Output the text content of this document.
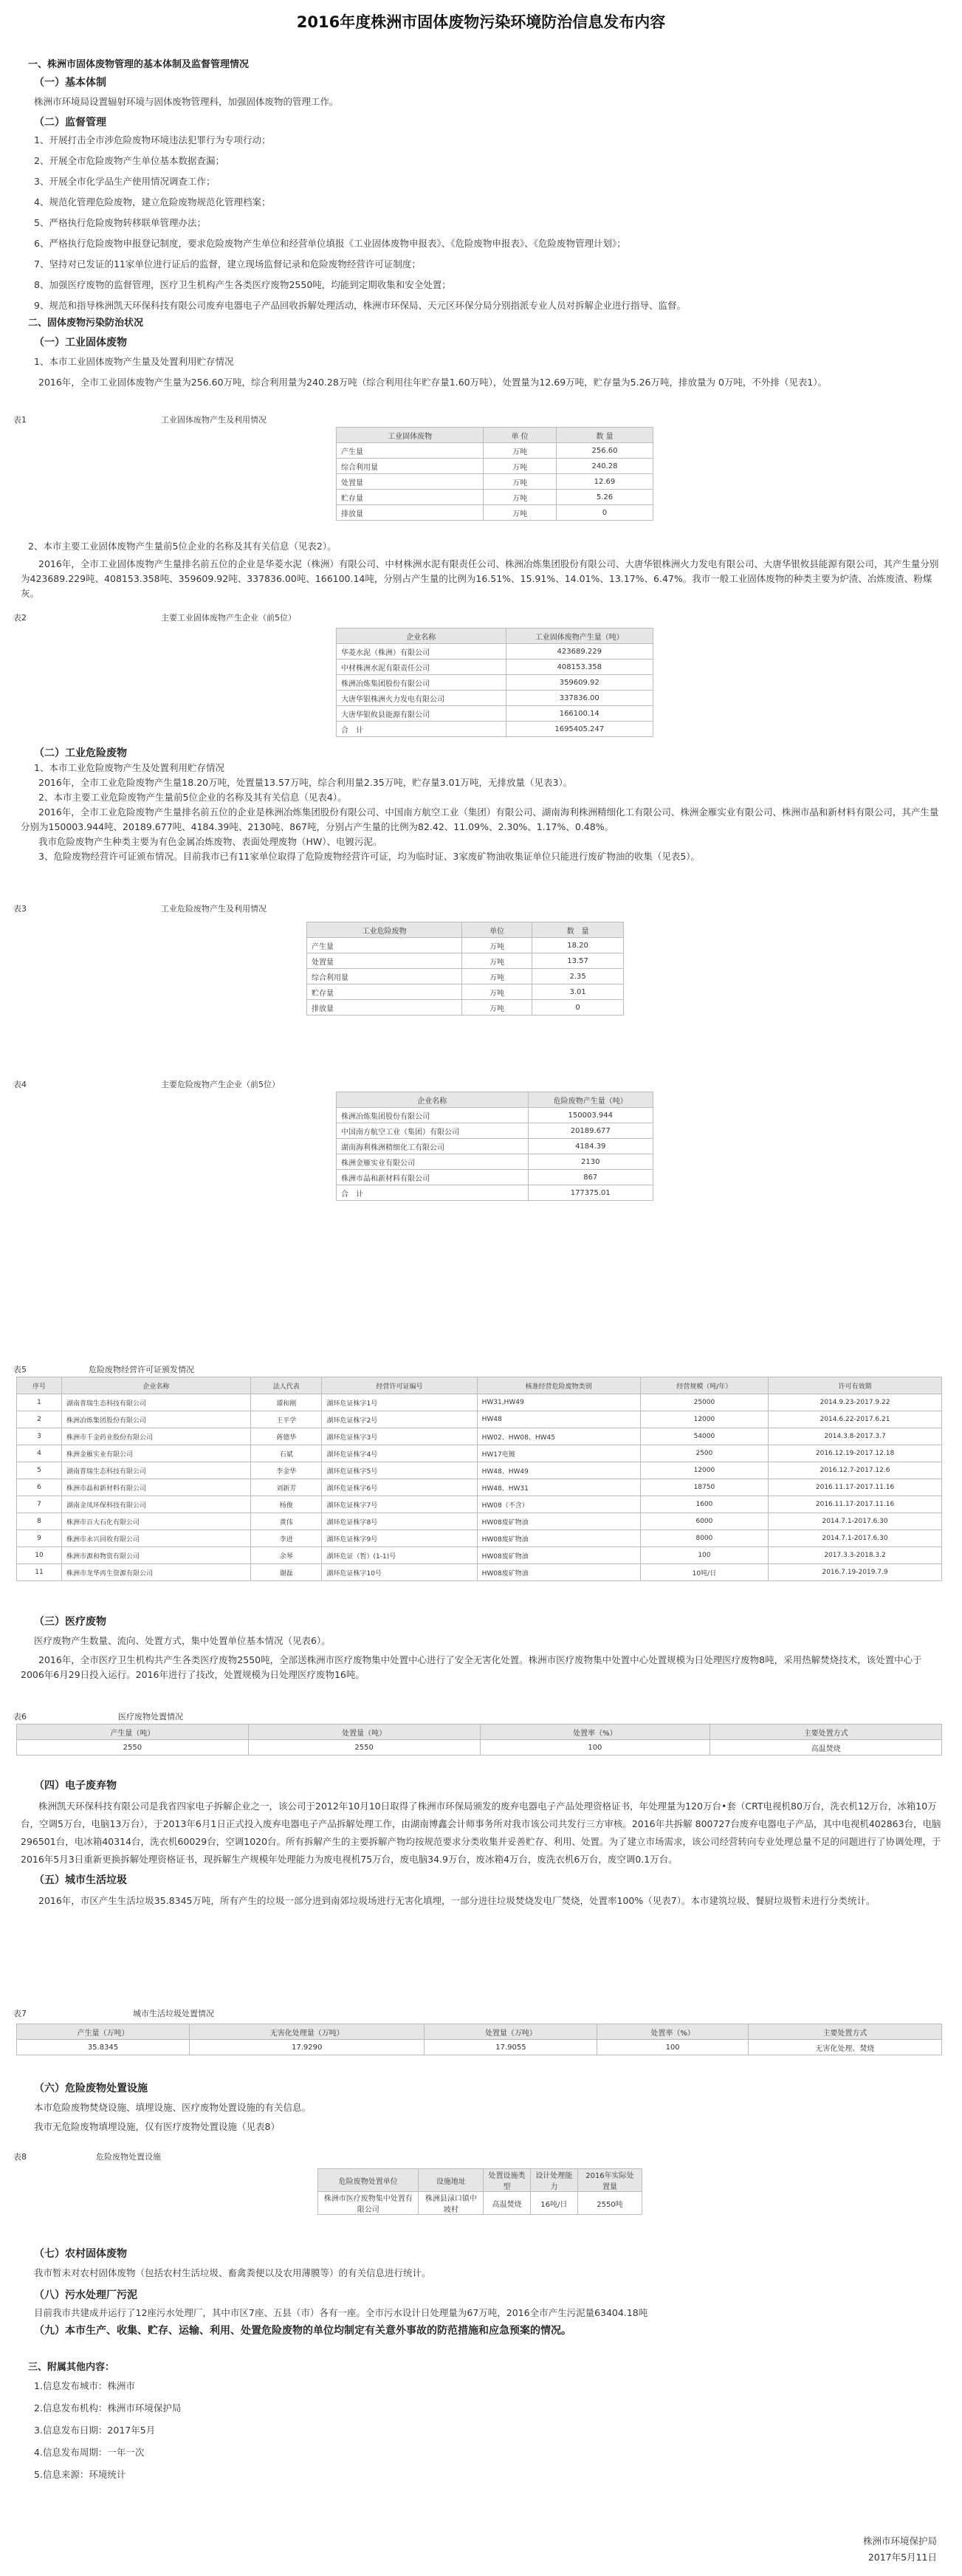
2016年度株洲市固体废物污染环境防治信息发布内容
一、株洲市固体废物管理的基本体制及监督管理情况
（一）基本体制
株洲市环境局设置辐射环境与固体废物管理科，加强固体废物的管理工作。
（二）监督管理
1、开展打击全市涉危险废物环境违法犯罪行为专项行动；
2、开展全市危险废物产生单位基本数据查漏；
3、开展全市化学品生产使用情况调查工作；
4、规范化管理危险废物，建立危险废物规范化管理档案；
5、严格执行危险废物转移联单管理办法；
6、严格执行危险废物申报登记制度，要求危险废物产生单位和经营单位填报《工业固体废物申报表》、《危险废物申报表》、《危险废物管理计划》；
7、坚持对已发证的11家单位进行证后的监督，建立现场监督记录和危险废物经营许可证制度；
8、加强医疗废物的监督管理，医疗卫生机构产生各类医疗废物2550吨，均能到定期收集和安全处置；
9、规范和指导株洲凯天环保科技有限公司废弃电器电子产品回收拆解处理活动，株洲市环保局、天元区环保分局分别指派专业人员对拆解企业进行指导、监督。
二、固体废物污染防治状况
（一）工业固体废物
1、本市工业固体废物产生量及处置利用贮存情况
2016年，全市工业固体废物产生量为256.60万吨，综合利用量为240.28万吨（综合利用往年贮存量1.60万吨），处置量为12.69万吨，贮存量为5.26万吨，排放量为 0万吨，不外排（见表1）。
表1	工业固体废物产生及利用情况
工业固体废物	单 位	数 量
产生量	万吨	256.60
综合利用量	万吨	240.28
处置量	万吨	12.69
贮存量	万吨	5.26
排放量	万吨	0
2、本市主要工业固体废物产生量前5位企业的名称及其有关信息（见表2）。
2016年，全市工业固体废物产生量排名前五位的企业是华菱水泥（株洲）有限公司、中材株洲水泥有限责任公司、株洲冶炼集团股份有限公司、大唐华银株洲火力发电有限公司、大唐华银攸县能源有限公司，其产生量分别为423689.229吨、408153.358吨、359609.92吨、337836.00吨、166100.14吨，分别占产生量的比例为16.51%、15.91%、14.01%、13.17%、6.47%。我市一般工业固体废物的种类主要为炉渣、冶炼废渣、粉煤灰。
表2	主要工业固体废物产生企业（前5位）
企业名称	工业固体废物产生量（吨）
华菱水泥（株洲）有限公司	423689.229
中材株洲水泥有限责任公司	408153.358
株洲冶炼集团股份有限公司	359609.92
大唐华银株洲火力发电有限公司	337836.00
大唐华银攸县能源有限公司	166100.14
合　计	1695405.247
（二）工业危险废物
1、本市工业危险废物产生及处置利用贮存情况
2016年，全市工业危险废物产生量18.20万吨，处置量13.57万吨，综合利用量2.35万吨，贮存量3.01万吨，无排放量（见表3）。
2、本市主要工业危险废物产生量前5位企业的名称及其有关信息（见表4）。
2016年，全市工业危险废物产生量排名前五位的企业是株洲冶炼集团股份有限公司、中国南方航空工业（集团）有限公司、湖南海利株洲精细化工有限公司、株洲金雁实业有限公司、株洲市晶和新材料有限公司，其产生量分别为150003.944吨、20189.677吨、4184.39吨、2130吨、867吨，分别占产生量的比例为82.42、11.09%、2.30%、1.17%、0.48%。
我市危险废物产生种类主要为有色金属冶炼废物、表面处理废物（HW）、电镀污泥。
3、危险废物经营许可证颁布情况。目前我市已有11家单位取得了危险废物经营许可证，均为临时证、3家废矿物油收集证单位只能进行废矿物油的收集（见表5）。
表3	工业危险废物产生及利用情况
工业危险废物	单位	数　量
产生量	万吨	18.20
处置量	万吨	13.57
综合利用量	万吨	2.35
贮存量	万吨	3.01
排放量	万吨	0
表4	主要危险废物产生企业（前5位）
企业名称	危险废物产生量（吨）
株洲冶炼集团股份有限公司	150003.944
中国南方航空工业（集团）有限公司	20189.677
湖南海利株洲精细化工有限公司	4184.39
株洲金雁实业有限公司	2130
株洲市晶和新材料有限公司	867
合　计	177375.01
表5	危险废物经营许可证颁发情况
序号	企业名称	法人代表	经营许可证编号	核准经营危险废物类别	经营规模（吨/年）	许可有效期
1	湖南普瑞生态科技有限公司	谭和刚	湖环危证株字1号	HW31,HW49	25000	2014.9.23-2017.9.22
2	株洲冶炼集团股份有限公司	王平学	湖环危证株字2号	HW48	12000	2014.6.22-2017.6.21
3	株洲市千金药业股份有限公司	蒋德华	湖环危证株字3号	HW02、HW08、HW45	54000	2014.3.8-2017.3.7
4	株洲金雁实业有限公司	石斌	湖环危证株字4号	HW17电镀	2500	2016.12.19-2017.12.18
5	湖南普瑞生态科技有限公司	李金华	湖环危证株字5号	HW48、HW49	12000	2016.12.7-2017.12.6
6	株洲市晶和新材料有限公司	刘新芳	湖环危证株字6号	HW48、HW31	18750	2016.11.17-2017.11.16
7	湖南金凤环保科技有限公司	杨俊	湖环危证株字7号	HW08（不含）	1600	2016.11.17-2017.11.16
8	株洲市百大石化有限公司	黄伟	湖环危证株字8号	HW08废矿物油	6000	2014.7.1-2017.6.30
9	株洲市永兴回收有限公司	李进	湖环危证株字9号	HW08废矿物油	8000	2014.7.1-2017.6.30
10	株洲市源和物资有限公司	余琴	湖环危证（暂）(1-1)号	HW08废矿物油	100	2017.3.3-2018.3.2
11	株洲市龙华再生资源有限公司	谢磊	湖环危证株字10号	HW08废矿物油	10吨/日	2016.7.19-2019.7.9
（三）医疗废物
医疗废物产生数量、流向、处置方式，集中处置单位基本情况（见表6）。
2016年，全市医疗卫生机构共产生各类医疗废物2550吨，全部送株洲市医疗废物集中处置中心进行了安全无害化处置。株洲市医疗废物集中处置中心处置规模为日处理医疗废物8吨，采用热解焚烧技术，该处置中心于2006年6月29日投入运行。2016年进行了技改，处置规模为日处理医疗废物16吨。
表6	医疗废物处置情况
产生量（吨）	处置量（吨）	处置率（%）	主要处置方式
2550	2550	100	高温焚烧
（四）电子废弃物
株洲凯天环保科技有限公司是我省四家电子拆解企业之一，该公司于2012年10月10日取得了株洲市环保局颁发的废弃电器电子产品处理资格证书，年处理量为120万台•套（CRT电视机80万台，洗衣机12万台，冰箱10万台，空调5万台，电脑13万台），于2013年6月1日正式投入废弃电器电子产品拆解处理工作，由湖南博鑫会计师事务所对我市该公司共发行三方审核。2016年共拆解 800727台废弃电器电子产品，其中电视机402863台，电脑 296501台，电冰箱40314台，洗衣机60029台，空调1020台。所有拆解产生的主要拆解产物均按规范要求分类收集并妥善贮存、利用、处置。为了建立市场需求，该公司经营转向专业处理总量不足的问题进行了协调处理，于2016年5月3日重新更换拆解处理资格证书，现拆解生产规模年处理能力为废电视机75万台，废电脑34.9万台，废冰箱4万台，废洗衣机6万台，废空调0.1万台。
（五）城市生活垃圾
2016年，市区产生生活垃圾35.8345万吨，所有产生的垃圾一部分进到南郊垃圾场进行无害化填埋，一部分进往垃圾焚烧发电厂焚烧，处置率100%（见表7）。本市建筑垃圾、餐厨垃圾暂未进行分类统计。
表7	城市生活垃圾处置情况
产生量（万吨）	无害化处理量（万吨）	处置量（万吨）	处置率（%）	主要处置方式
35.8345	17.9290	17.9055	100	无害化处理、焚烧
（六）危险废物处置设施
本市危险废物焚烧设施、填埋设施、医疗废物处置设施的有关信息。
我市无危险废物填埋设施，仅有医疗废物处置设施（见表8）
表8	危险废物处置设施
危险废物处置单位	设施地址	处置设施类型	设计处理能力	2016年实际处置量
株洲市医疗废物集中处置有限公司	株洲县渌口镇中坡村	高温焚烧	16吨/日	2550吨
（七）农村固体废物
我市暂未对农村固体废物（包括农村生活垃圾、畜禽粪便以及农用薄膜等）的有关信息进行统计。
（八）污水处理厂污泥
目前我市共建成并运行了12座污水处理厂，其中市区7座、五县（市）各有一座。全市污水设计日处理量为67万吨，2016全市产生污泥量63404.18吨
（九）本市生产、收集、贮存、运输、利用、处置危险废物的单位均制定有关意外事故的防范措施和应急预案的情况。
三、附属其他内容：
1.信息发布城市：株洲市
2.信息发布机构：株洲市环境保护局
3.信息发布日期：2017年5月
4.信息发布周期：一年一次
5.信息来源：环境统计
株洲市环境保护局
2017年5月11日
